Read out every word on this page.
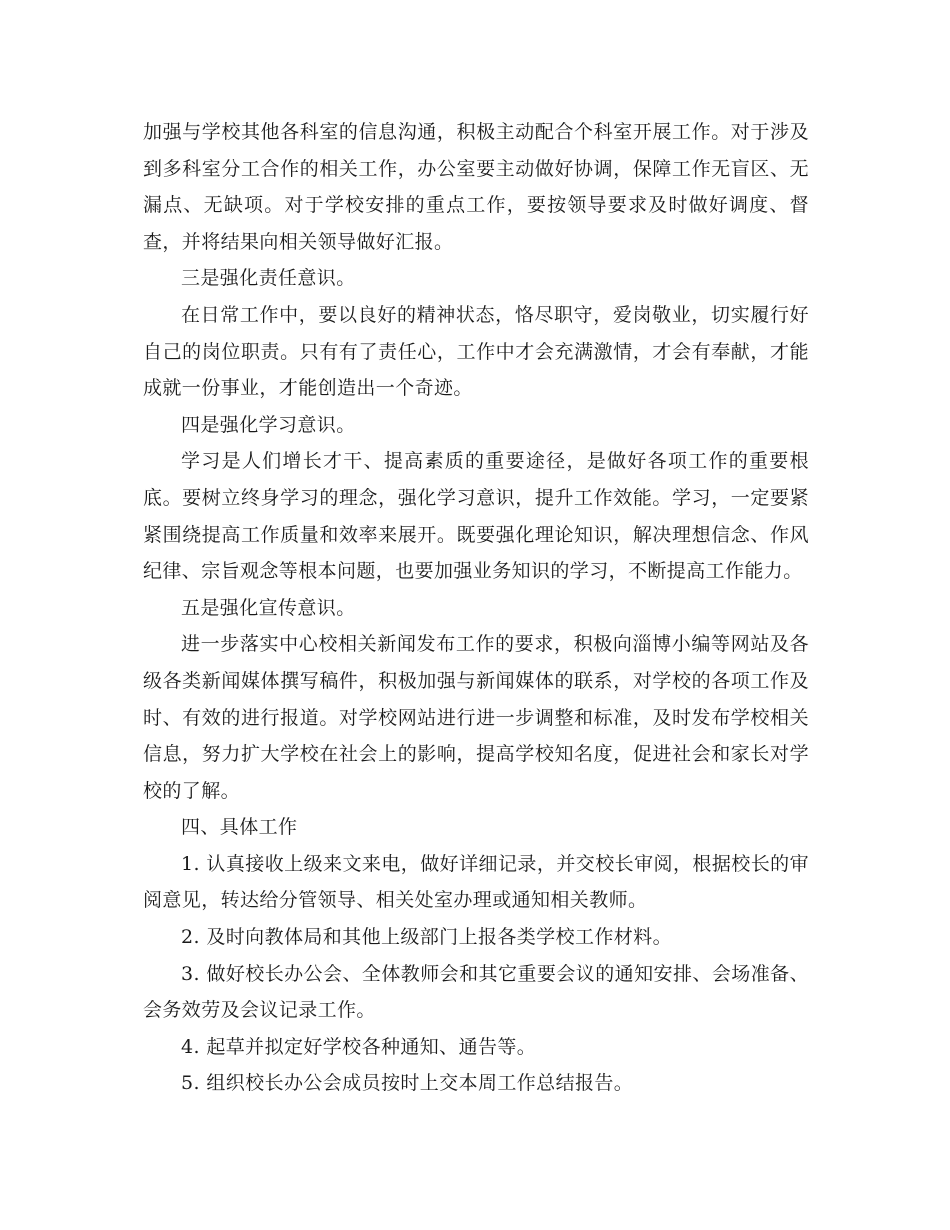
加强与学校其他各科室的信息沟通，积极主动配合个科室开展工作。对于涉及到多科室分工合作的相关工作，办公室要主动做好协调，保障工作无盲区、无漏点、无缺项。对于学校安排的重点工作，要按领导要求及时做好调度、督查，并将结果向相关领导做好汇报。

三是强化责任意识。

在日常工作中，要以良好的精神状态，恪尽职守，爱岗敬业，切实履行好自己的岗位职责。只有有了责任心，工作中才会充满激情，才会有奉献，才能成就一份事业，才能创造出一个奇迹。

四是强化学习意识。

学习是人们增长才干、提高素质的重要途径，是做好各项工作的重要根底。要树立终身学习的理念，强化学习意识，提升工作效能。学习，一定要紧紧围绕提高工作质量和效率来展开。既要强化理论知识，解决理想信念、作风纪律、宗旨观念等根本问题，也要加强业务知识的学习，不断提高工作能力。

五是强化宣传意识。

进一步落实中心校相关新闻发布工作的要求，积极向淄博小编等网站及各级各类新闻媒体撰写稿件，积极加强与新闻媒体的联系，对学校的各项工作及时、有效的进行报道。对学校网站进行进一步调整和标准，及时发布学校相关信息，努力扩大学校在社会上的影响，提高学校知名度，促进社会和家长对学校的了解。

四、具体工作

1. 认真接收上级来文来电，做好详细记录，并交校长审阅，根据校长的审阅意见，转达给分管领导、相关处室办理或通知相关教师。

2. 及时向教体局和其他上级部门上报各类学校工作材料。

3. 做好校长办公会、全体教师会和其它重要会议的通知安排、会场准备、会务效劳及会议记录工作。

4. 起草并拟定好学校各种通知、通告等。

5. 组织校长办公会成员按时上交本周工作总结报告。
